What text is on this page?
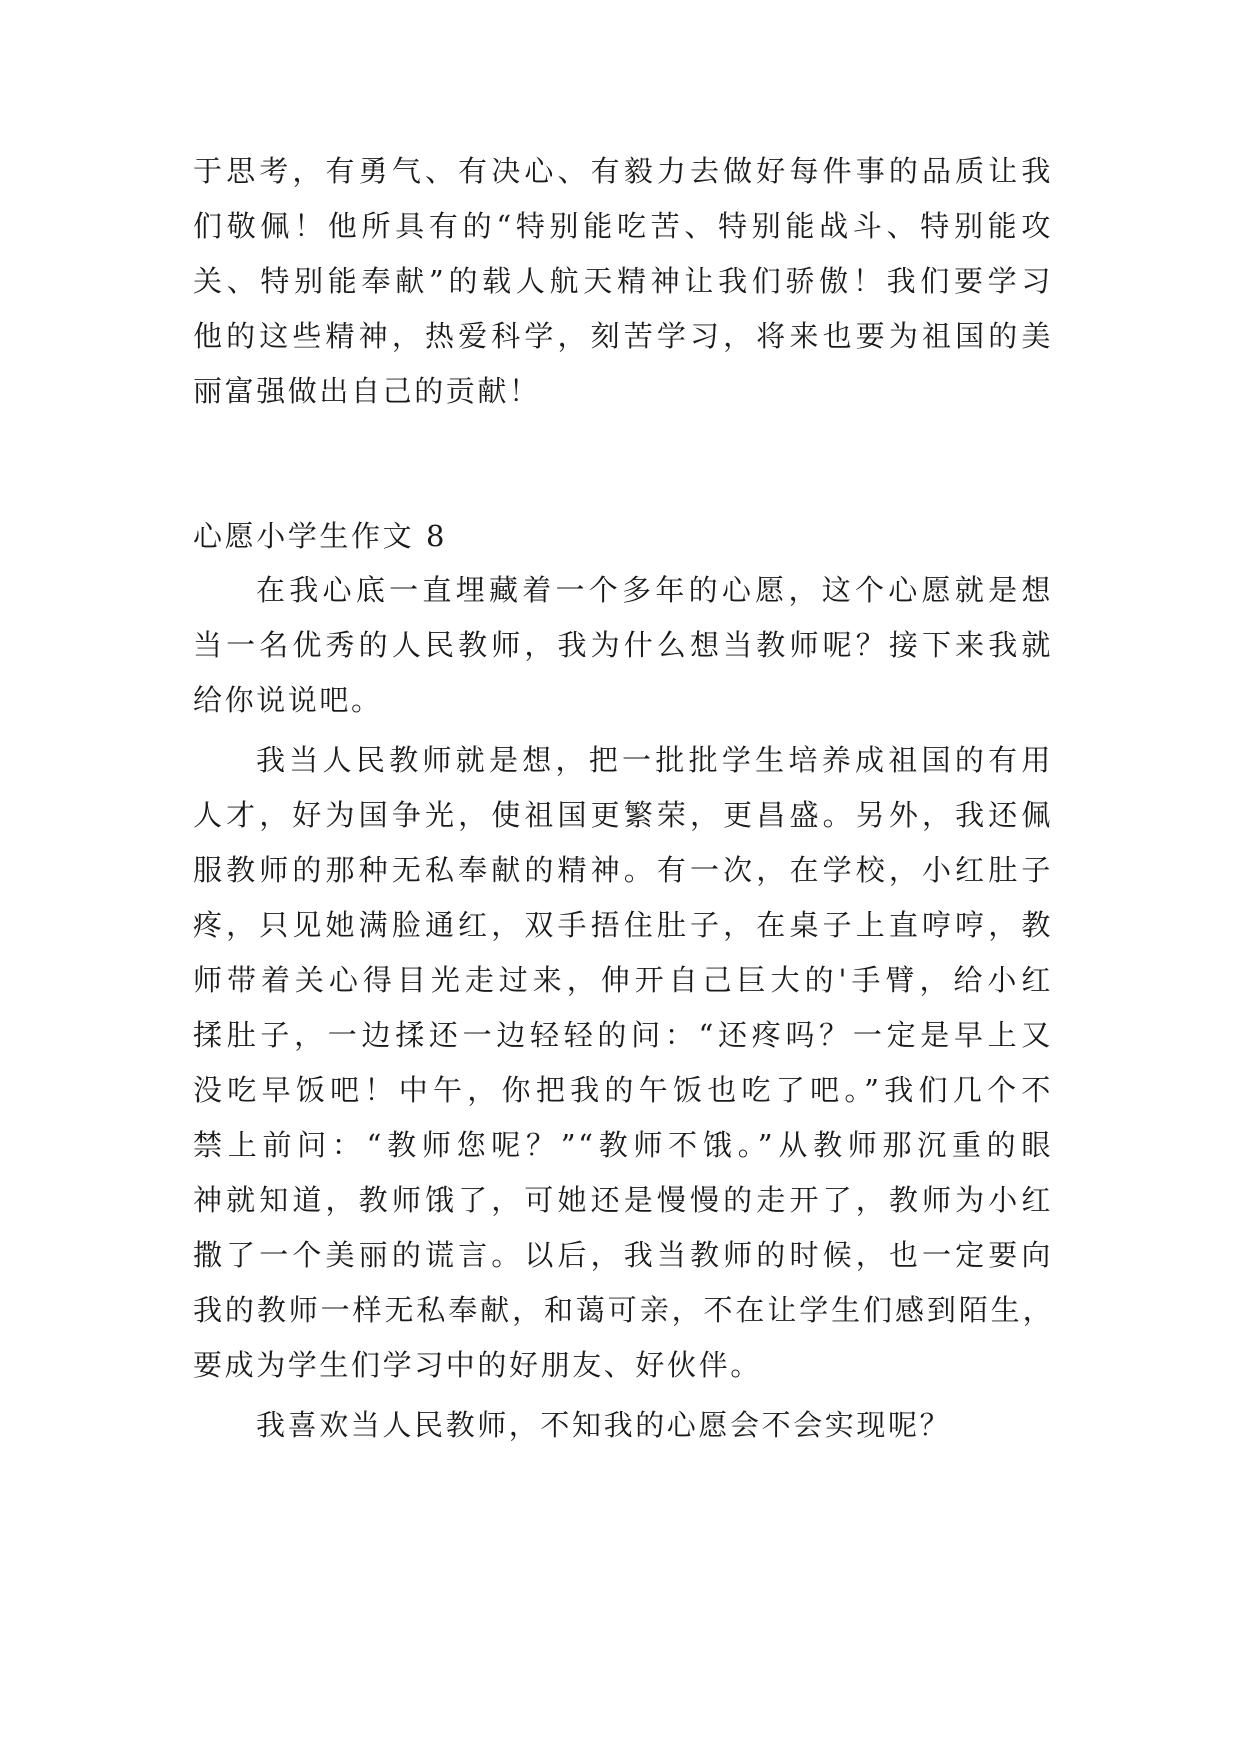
于思考，有勇气、有决心、有毅力去做好每件事的品质让我
们敬佩！他所具有的“特别能吃苦、特别能战斗、特别能攻
关、特别能奉献”的载人航天精神让我们骄傲！我们要学习
他的这些精神，热爱科学，刻苦学习，将来也要为祖国的美
丽富强做出自己的贡献！
心愿小学生作文 8
在我心底一直埋藏着一个多年的心愿，这个心愿就是想
当一名优秀的人民教师，我为什么想当教师呢？接下来我就
给你说说吧。
我当人民教师就是想，把一批批学生培养成祖国的有用
人才，好为国争光，使祖国更繁荣，更昌盛。另外，我还佩
服教师的那种无私奉献的精神。有一次，在学校，小红肚子
疼，只见她满脸通红，双手捂住肚子，在桌子上直哼哼，教
师带着关心得目光走过来，伸开自己巨大的'手臂，给小红
揉肚子，一边揉还一边轻轻的问：“还疼吗？一定是早上又
没吃早饭吧！中午，你把我的午饭也吃了吧。”我们几个不
禁上前问：“教师您呢？”“教师不饿。”从教师那沉重的眼
神就知道，教师饿了，可她还是慢慢的走开了，教师为小红
撒了一个美丽的谎言。以后，我当教师的时候，也一定要向
我的教师一样无私奉献，和蔼可亲，不在让学生们感到陌生，
要成为学生们学习中的好朋友、好伙伴。
我喜欢当人民教师，不知我的心愿会不会实现呢？
